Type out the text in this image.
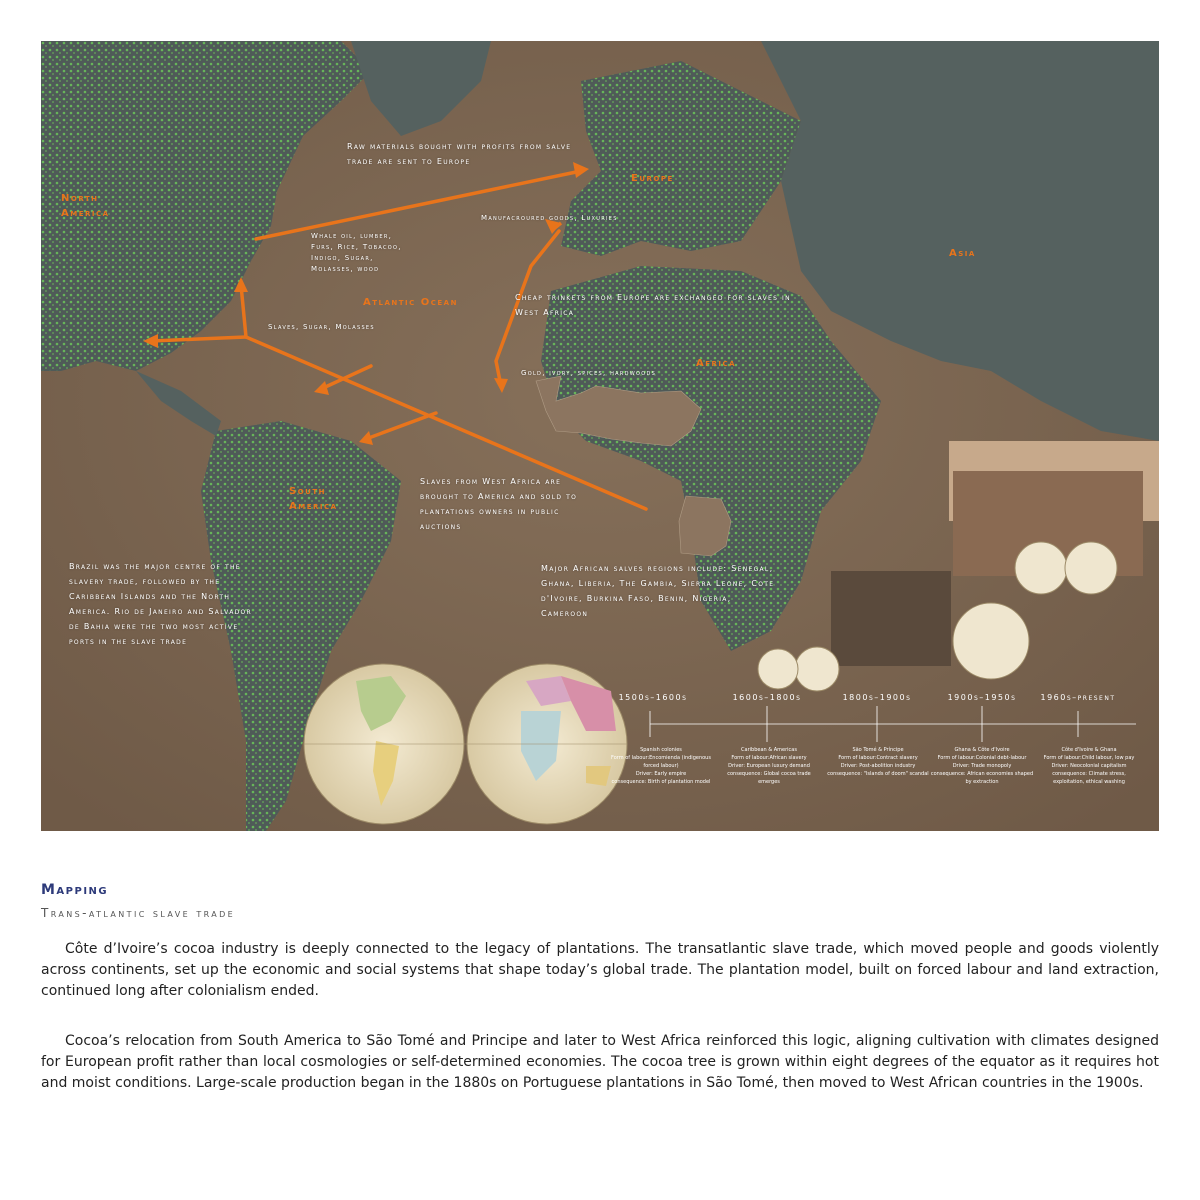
North America
Europe
Asia
Atlantic Ocean
Africa
South America
Raw materials bought with profits from salve trade are sent to Europe
Manufacroured goods, Luxuries
Whale oil, lumber, Furs, Rice, Tobacoo, Indigo, Sugar, Molasses, wood
Cheap trinkets from Europe are exchanged for slaves in West Africa
Slaves, Sugar, Molasses
Gold, ivory, spices, hardwoods
Slaves from West Africa are brought to America and sold to plantations owners in public auctions
Brazil was the major centre of the slavery trade, followed by the Caribbean Islands and the North America. Rio de Janeiro and Salvador de Bahia were the two most active ports in the slave trade
Major African salves regions include: Senegal, Ghana, Liberia, The Gambia, Sierra Leone, Cote d'Ivoire, Burkina Faso, Benin, Nigeria, Cameroon
1500s–1600s	1600s–1800s	1800s–1900s	1900s–1950s	1960s–present
Spanish colonies
Form of labour:Encomienda (indigenous forced labour)
Driver: Early empire
consequence: Birth of plantation model
Caribbean & Americas
Form of labour:African slavery
Driver: European luxury demand
consequence: Global cocoa trade emerges
São Tomé & Príncipe
Form of labour:Contract slavery
Driver: Post-abolition industry
consequence: "Islands of doom" scandal
Ghana & Côte d'Ivoire
Form of labour:Colonial debt-labour
Driver: Trade monopoly
consequence: African economies shaped by extraction
Côte d'Ivoire & Ghana
Form of labour:Child labour, low pay
Driver: Neocolonial capitalism
consequence: Climate stress, exploitation, ethical washing
Mapping
Trans-atlantic slave trade

Côte d’Ivoire’s cocoa industry is deeply connected to the legacy of plantations. The transatlantic slave trade, which moved people and goods violently across continents, set up the economic and social systems that shape today’s global trade. The plantation model, built on forced labour and land extraction, continued long after colonialism ended.

Cocoa’s relocation from South America to São Tomé and Principe and later to West Africa reinforced this logic, aligning cultivation with climates designed for European profit rather than local cosmologies or self-determined economies. The cocoa tree is grown within eight degrees of the equator as it requires hot and moist conditions. Large-scale production began in the 1880s on Portuguese plantations in São Tomé, then moved to West African countries in the 1900s.
